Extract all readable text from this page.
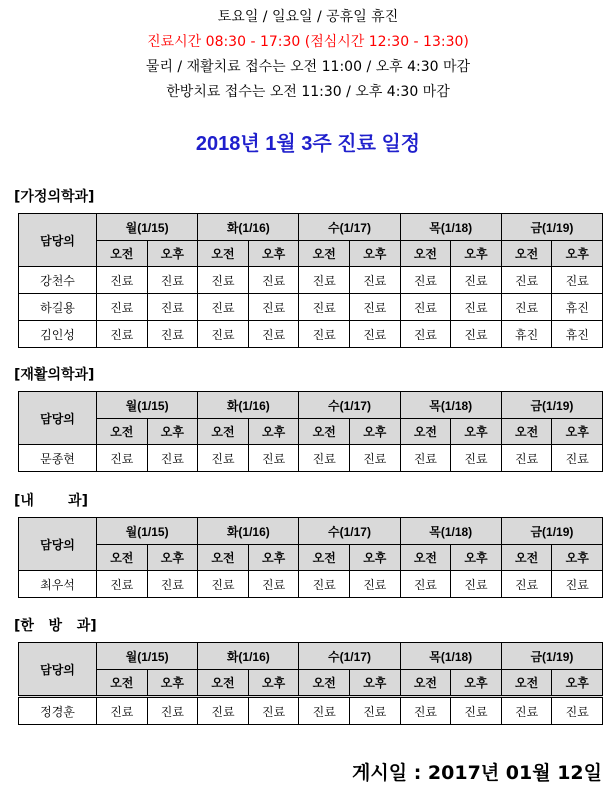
토요일 / 일요일 / 공휴일 휴진
진료시간 08:30 - 17:30 (점심시간 12:30 - 13:30)
물리 / 재활치료 접수는 오전 11:00 / 오후 4:30 마감
한방치료 접수는 오전 11:30 / 오후 4:30 마감
2018년 1월 3주 진료 일정
[가정의학과]
담당의	월(1/15)		화(1/16)		수(1/17)		목(1/18)		금(1/19)	
	오전	오후	오전	오후	오전	오후	오전	오후	오전	오후
강천수	진료	진료	진료	진료	진료	진료	진료	진료	진료	진료
하길용	진료	진료	진료	진료	진료	진료	진료	진료	진료	휴진
김인성	진료	진료	진료	진료	진료	진료	진료	진료	휴진	휴진
[재활의학과]
담당의	월(1/15)		화(1/16)		수(1/17)		목(1/18)		금(1/19)	
	오전	오후	오전	오후	오전	오후	오전	오후	오전	오후
문종현	진료	진료	진료	진료	진료	진료	진료	진료	진료	진료
[내       과]
담당의	월(1/15)		화(1/16)		수(1/17)		목(1/18)		금(1/19)	
	오전	오후	오전	오후	오전	오후	오전	오후	오전	오후
최우석	진료	진료	진료	진료	진료	진료	진료	진료	진료	진료
[한   방   과]
담당의	월(1/15)		화(1/16)		수(1/17)		목(1/18)		금(1/19)	
	오전	오후	오전	오후	오전	오후	오전	오후	오전	오후
정경훈	진료	진료	진료	진료	진료	진료	진료	진료	진료	진료
게시일 : 2017년 01월 12일
